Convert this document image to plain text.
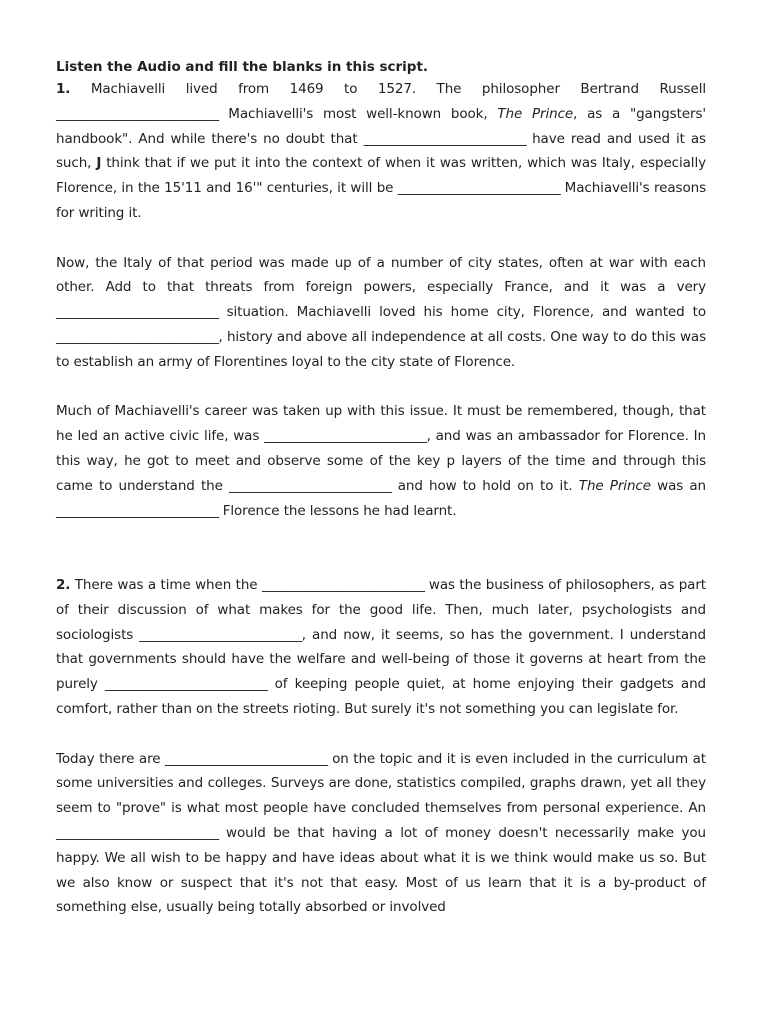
Listen the Audio and fill the blanks in this script.

1. Machiavelli lived from 1469 to 1527. The philosopher Bertrand Russell __________________________ Machiavelli's most well-known book, The Prince, as a "gangsters' handbook". And while there's no doubt that __________________________ have read and used it as such, J think that if we put it into the context of when it was written, which was Italy, especially Florence, in the 15'11 and 16'" centuries, it will be __________________________ Machiavelli's reasons for writing it.

Now, the Italy of that period was made up of a number of city states, often at war with each other. Add to that threats from foreign powers, especially France, and it was a very __________________________ situation. Machiavelli loved his home city, Florence, and wanted to __________________________, history and above all independence at all costs. One way to do this was to establish an army of Florentines loyal to the city state of Florence.

Much of Machiavelli's career was taken up with this issue. It must be remembered, though, that he led an active civic life, was __________________________, and was an ambassador for Florence. In this way, he got to meet and observe some of the key p layers of the time and through this came to understand the __________________________ and how to hold on to it. The Prince was an __________________________ Florence the lessons he had learnt.

2. There was a time when the __________________________ was the business of philosophers, as part of their discussion of what makes for the good life. Then, much later, psychologists and sociologists __________________________, and now, it seems, so has the government. I understand that governments should have the welfare and well-being of those it governs at heart from the purely __________________________ of keeping people quiet, at home enjoying their gadgets and comfort, rather than on the streets rioting. But surely it's not something you can legislate for.

Today there are __________________________ on the topic and it is even included in the curriculum at some universities and colleges. Surveys are done, statistics compiled, graphs drawn, yet all they seem to "prove" is what most people have concluded themselves from personal experience. An __________________________ would be that having a lot of money doesn't necessarily make you happy. We all wish to be happy and have ideas about what it is we think would make us so. But we also know or suspect that it's not that easy. Most of us learn that it is a by-product of something else, usually being totally absorbed or involved
